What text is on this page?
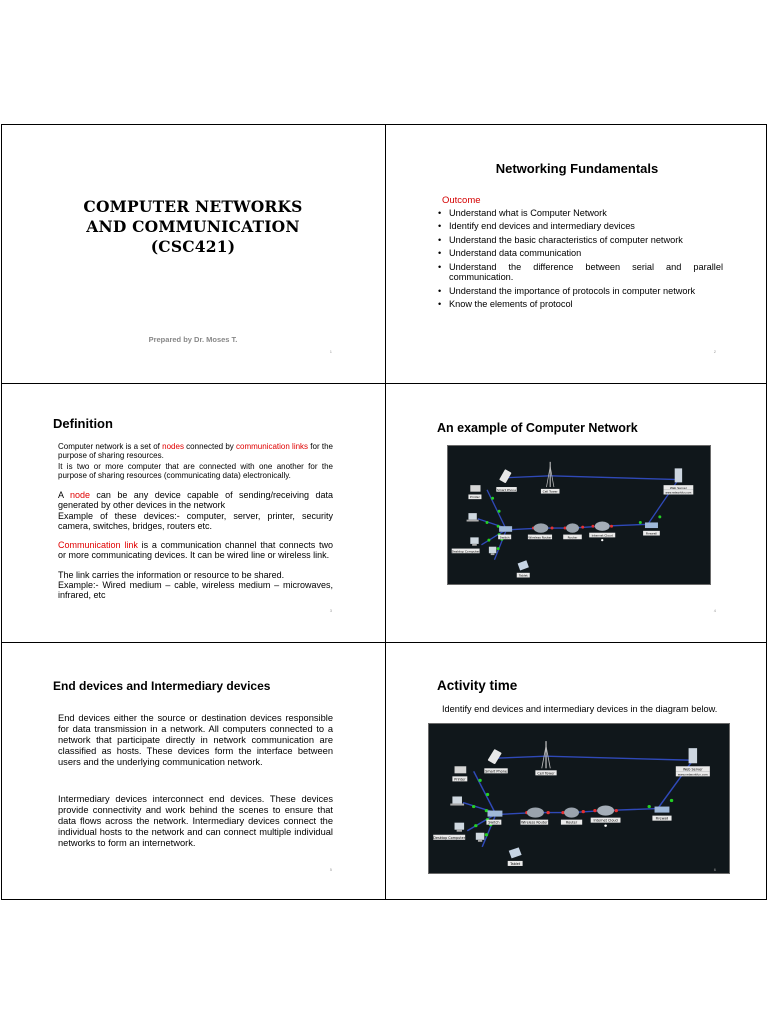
COMPUTER NETWORKS
AND COMMUNICATION
(CSC421)
Prepared by Dr. Moses T.
1
Networking Fundamentals
Outcome
• Understand what is Computer Network
• Identify end devices and intermediary devices
• Understand the basic characteristics of computer network
• Understand data communication
• Understand the difference between serial and parallel communication.
• Understand the importance of protocols in computer network
• Know the elements of protocol
2
Definition
Computer network is a set of nodes connected by communication links for the purpose of sharing resources.
It is two or more computer that are connected with one another for the purpose of sharing resources (communicating data) electronically.
A node can be any device capable of sending/receiving data generated by other devices in the network
Example of these devices:- computer, server, printer, security camera, switches, bridges, routers etc.
Communication link is a communication channel that connects two or more communicating devices. It can be wired line or wireless link.
The link carries the information or resource to be shared.
Example:- Wired medium – cable, wireless medium – microwaves, infrared, etc
3
An example of Computer Network
Smart Phone	Cell Tower
Printer
Desktop Computer
Tablet
Switch	Wireless Router	Router	Internet Cloud	Firewall
Web Server
www.networkfun.com
4
End devices and Intermediary devices
End devices either the source or destination devices responsible for data transmission in a network. All computers connected to a network that participate directly in network communication are classified as hosts. These devices form the interface between users and the underlying communication network.
Intermediary devices interconnect end devices. These devices provide connectivity and work behind the scenes to ensure that data flows across the network. Intermediary devices connect the individual hosts to the network and can connect multiple individual networks to form an internetwork.
5
Activity time
Identify end devices and intermediary devices in the diagram below.
Smart Phone
Cell Tower
Printer
Desktop Computer
Tablet
Switch	Wireless Router	Router
Internet Cloud
Firewall
Web Server
www.networkfun.com
6
